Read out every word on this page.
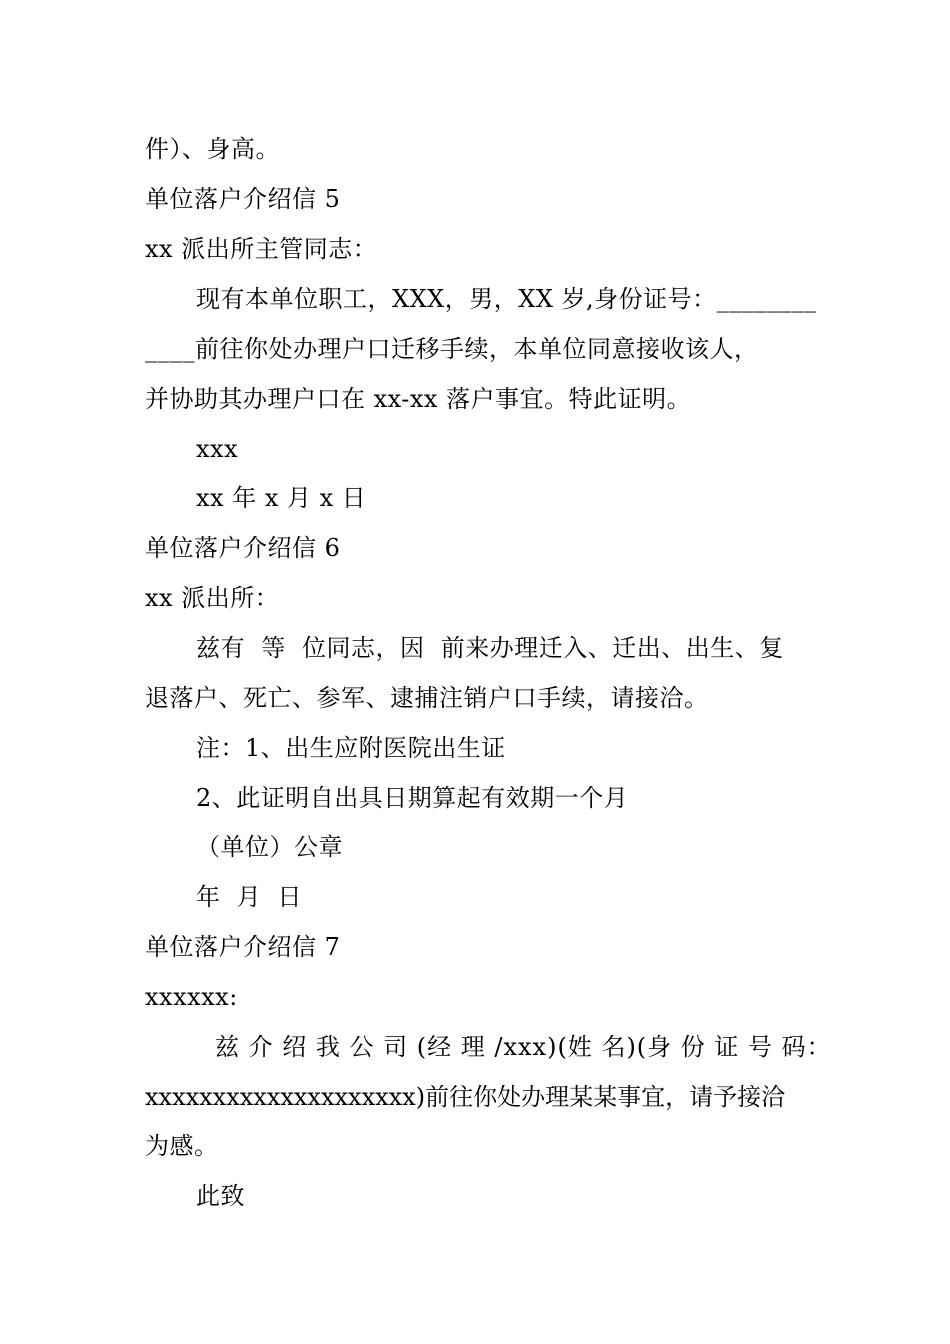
件）、身高。
单位落户介绍信 5
xx 派出所主管同志：
现有本单位职工，XXX，男，XX 岁,身份证号：________
____前往你处办理户口迁移手续，本单位同意接收该人，
并协助其办理户口在 xx-xx 落户事宜。特此证明。
xxx
xx 年 x 月 x 日
单位落户介绍信 6
xx 派出所：
兹有  等  位同志，因  前来办理迁入、迁出、出生、复
退落户、死亡、参军、逮捕注销户口手续，请接洽。
注：1、出生应附医院出生证
2、此证明自出具日期算起有效期一个月
（单位）公章
年  月  日
单位落户介绍信 7
xxxxxx:
兹 介 绍 我 公 司 (经 理 /xxx)(姓 名)(身 份 证 号 码：
xxxxxxxxxxxxxxxxxxxx)前往你处办理某某事宜，请予接洽
为感。
此致
